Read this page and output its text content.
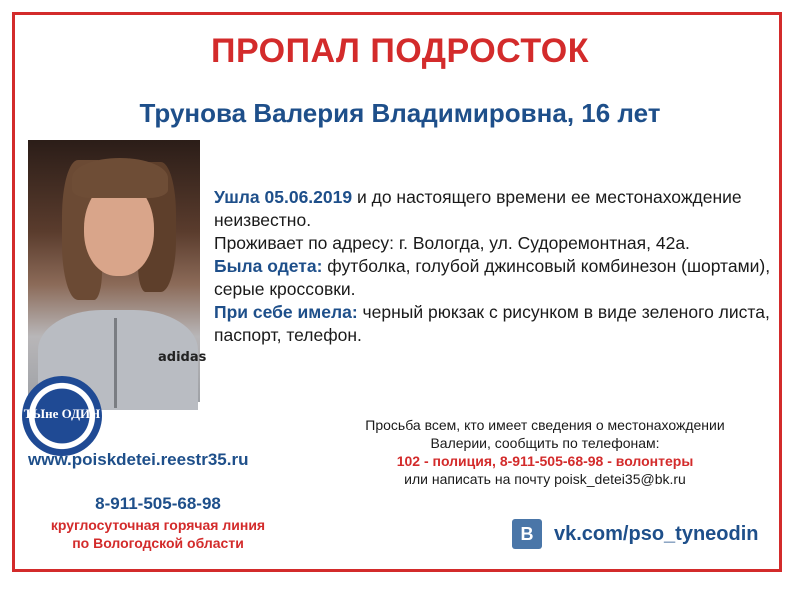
ПРОПАЛ ПОДРОСТОК
Трунова Валерия Владимировна, 16 лет
adidas
ТЫне ОДИН

Ушла 05.06.2019 и до настоящего времени ее местонахождение неизвестно.

Проживает по адресу: г. Вологда, ул. Судоремонтная, 42а.

Была одета: футболка, голубой джинсовый комбинезон (шортами), серые кроссовки.

При себе имела: черный рюкзак с рисунком в виде зеленого листа, паспорт, телефон.

www.poiskdetei.reestr35.ru
8-911-505-68-98
круглосуточная горячая линия
по Вологодской области
Просьба всем, кто имеет сведения о местонахождении
Валерии, сообщить по телефонам:
102 - полиция, 8-911-505-68-98 - волонтеры
или написать на почту poisk_detei35@bk.ru
В	vk.com/pso_tyneodin
